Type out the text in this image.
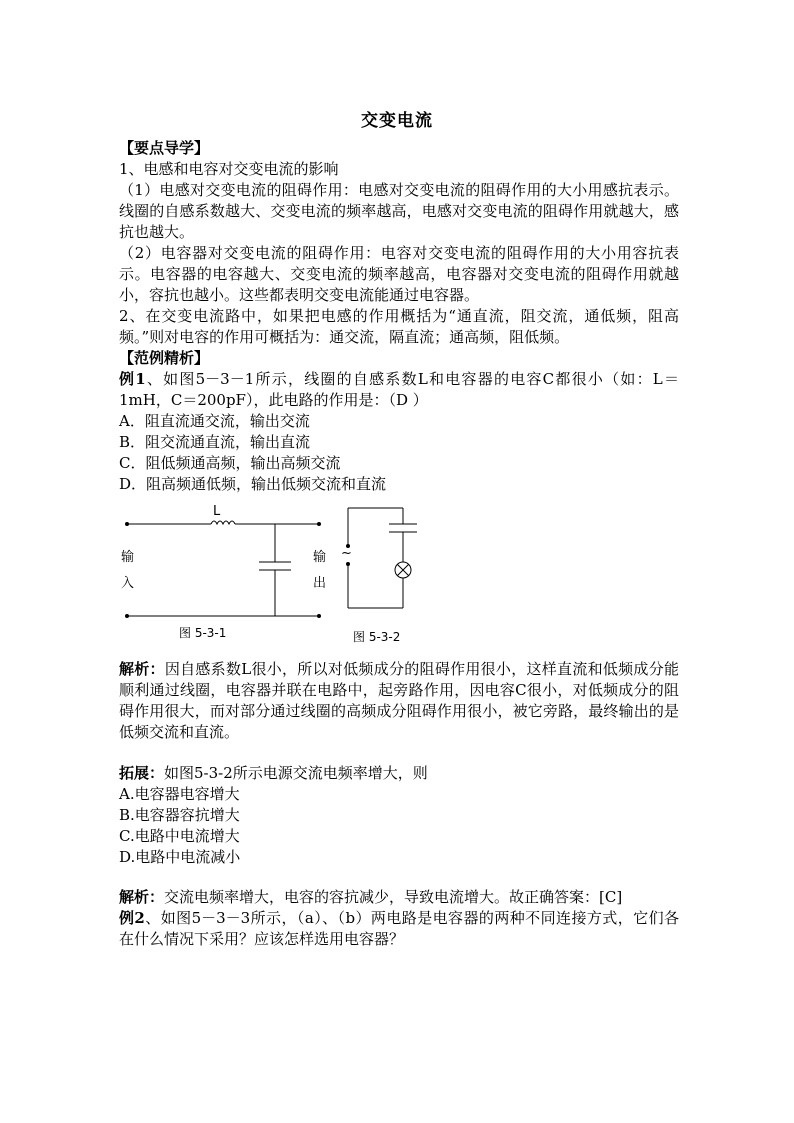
交变电流
【要点导学】
1、电感和电容对交变电流的影响
（1）电感对交变电流的阻碍作用：电感对交变电流的阻碍作用的大小用感抗表示。线圈的自感系数越大、交变电流的频率越高，电感对交变电流的阻碍作用就越大，感抗也越大。
（2）电容器对交变电流的阻碍作用：电容对交变电流的阻碍作用的大小用容抗表示。电容器的电容越大、交变电流的频率越高，电容器对交变电流的阻碍作用就越小，容抗也越小。这些都表明交变电流能通过电容器。
2、在交变电流路中，如果把电感的作用概括为“通直流，阻交流，通低频，阻高频。”则对电容的作用可概括为：通交流，隔直流；通高频，阻低频。
【范例精析】
例1、如图5－3－1所示，线圈的自感系数L和电容器的电容C都很小（如：L＝1mH，C＝200pF），此电路的作用是：（D ）
A．阻直流通交流，输出交流
B．阻交流通直流，输出直流
C．阻低频通高频，输出高频交流
D．阻高频通低频，输出低频交流和直流
L
输
入
输
出
~
图 5-3-1	图 5-3-2
解析：因自感系数L很小，所以对低频成分的阻碍作用很小，这样直流和低频成分能顺利通过线圈，电容器并联在电路中，起旁路作用，因电容C很小，对低频成分的阻碍作用很大，而对部分通过线圈的高频成分阻碍作用很小，被它旁路，最终输出的是低频交流和直流。
拓展：如图5-3-2所示电源交流电频率增大，则
A.电容器电容增大
B.电容器容抗增大
C.电路中电流增大
D.电路中电流减小
解析：交流电频率增大，电容的容抗减少，导致电流增大。故正确答案：[C]
例2、如图5－3－3所示，（a）、（b）两电路是电容器的两种不同连接方式，它们各在什么情况下采用？应该怎样选用电容器？
